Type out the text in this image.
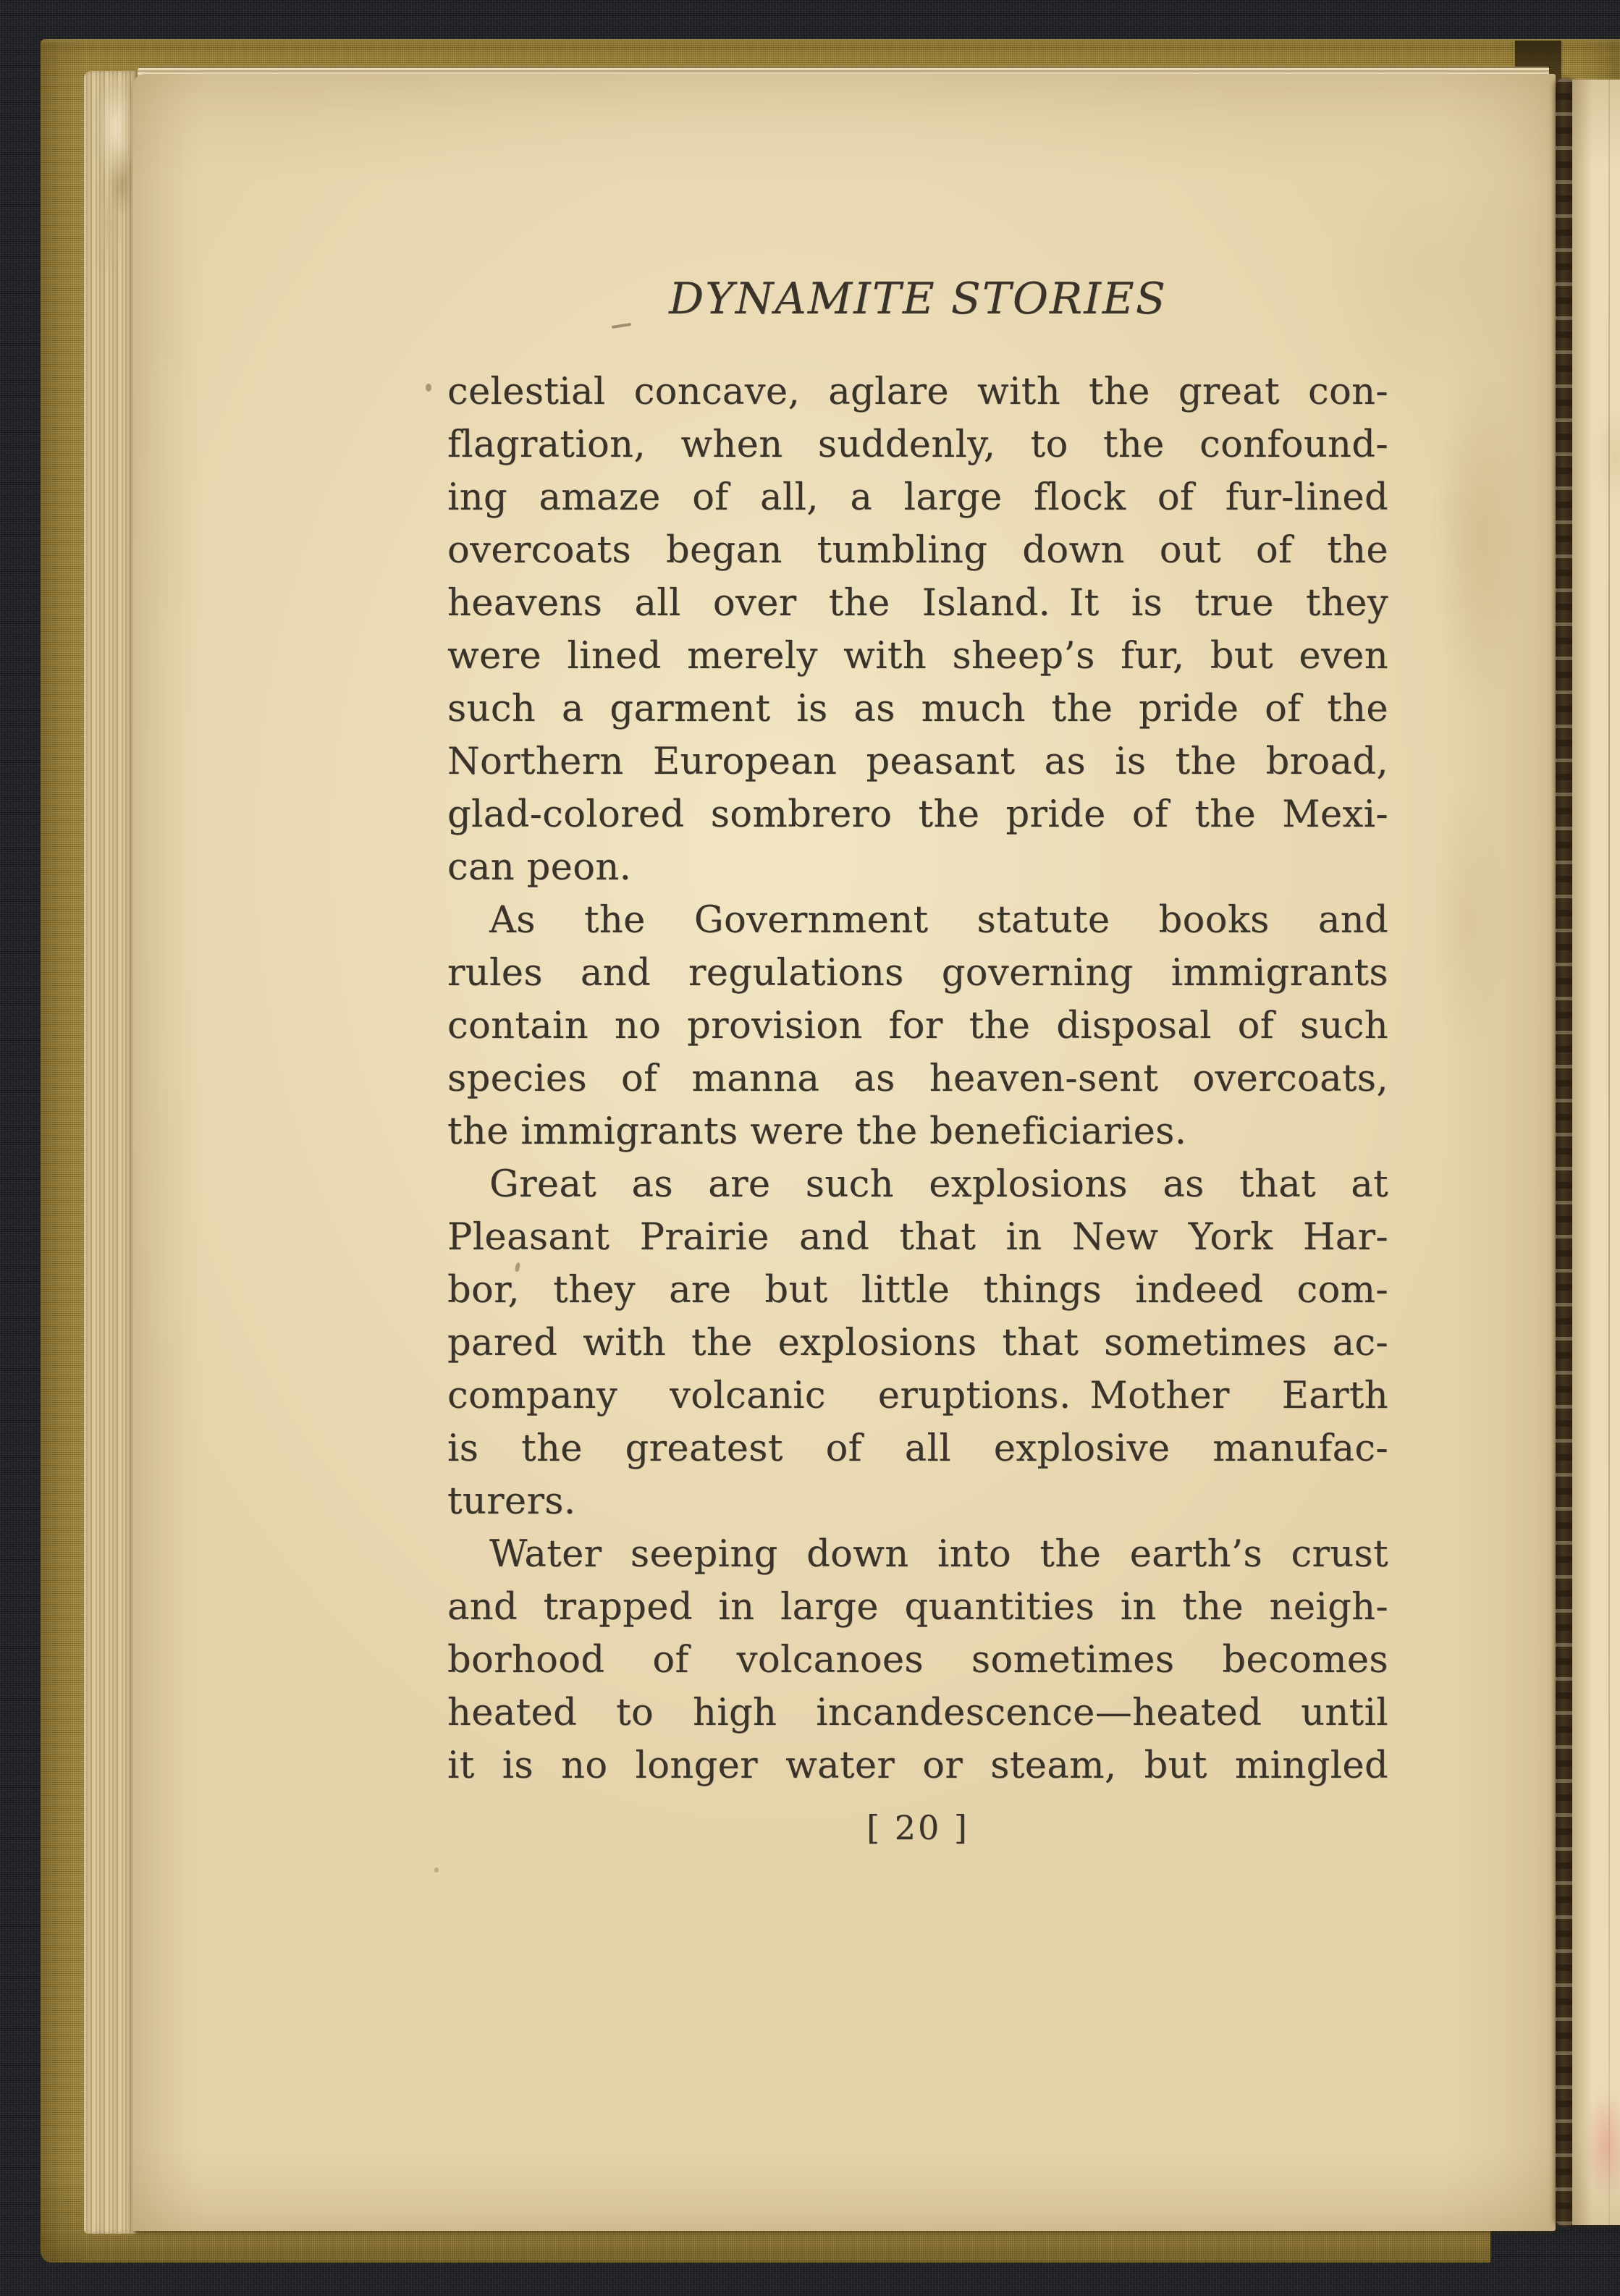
DYNAMITE STORIES
celestial concave, aglare with the great con-
flagration, when suddenly, to the confound-
ing amaze of all, a large flock of fur-lined
overcoats began tumbling down out of the
heavens all over the Island. It is true they
were lined merely with sheep’s fur, but even
such a garment is as much the pride of the
Northern European peasant as is the broad,
glad-colored sombrero the pride of the Mexi-
can peon.
As the Government statute books and
rules and regulations governing immigrants
contain no provision for the disposal of such
species of manna as heaven-sent overcoats,
the immigrants were the beneficiaries.
Great as are such explosions as that at
Pleasant Prairie and that in New York Har-
bor, they are but little things indeed com-
pared with the explosions that sometimes ac-
company volcanic eruptions. Mother Earth
is the greatest of all explosive manufac-
turers.
Water seeping down into the earth’s crust
and trapped in large quantities in the neigh-
borhood of volcanoes sometimes becomes
heated to high incandescence—heated until
it is no longer water or steam, but mingled
[ 20 ]
